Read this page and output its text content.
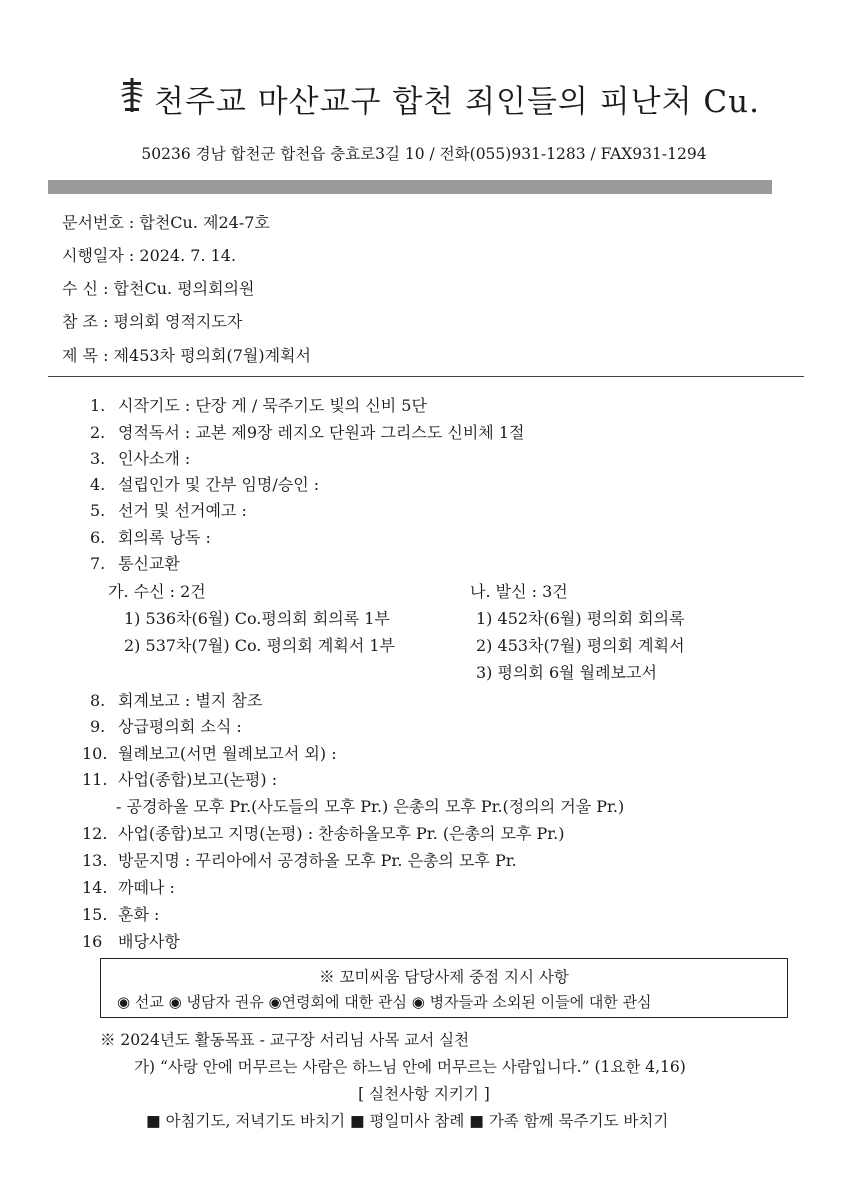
천주교 마산교구 합천 죄인들의 피난처 Cu.
50236 경남 합천군 합천읍 충효로3길 10 / 전화(055)931-1283 / FAX931-1294
문서번호 : 합천Cu. 제24-7호
시행일자 : 2024. 7. 14.
수 신 : 합천Cu. 평의회의원
참 조 : 평의회 영적지도자
제 목 : 제453차 평의회(7월)계획서
1. 시작기도 : 단장 게 / 묵주기도 빛의 신비 5단
2. 영적독서 : 교본 제9장 레지오 단원과 그리스도 신비체 1절
3. 인사소개 :
4. 설립인가 및 간부 임명/승인 :
5. 선거 및 선거예고 :
6. 회의록 낭독 :
7. 통신교환
가. 수신 : 2건
1) 536차(6월) Co.평의회 회의록 1부
2) 537차(7월) Co. 평의회 계획서 1부
나. 발신 : 3건
1) 452차(6월) 평의회 회의록
2) 453차(7월) 평의회 계획서
3) 평의회 6월 월례보고서
8. 회계보고 : 별지 참조
9. 상급평의회 소식 :
10. 월례보고(서면 월례보고서 외) :
11. 사업(종합)보고(논평) :
- 공경하올 모후 Pr.(사도들의 모후 Pr.) 은총의 모후 Pr.(정의의 거울 Pr.)
12. 사업(종합)보고 지명(논평) : 찬송하올모후 Pr. (은총의 모후 Pr.)
13. 방문지명 : 꾸리아에서 공경하올 모후 Pr. 은총의 모후 Pr.
14. 까떼나 :
15. 훈화 :
16 배당사항
※ 꼬미씨움 담당사제 중점 지시 사항
◉ 선교 ◉ 냉담자 권유 ◉연령회에 대한 관심 ◉ 병자들과 소외된 이들에 대한 관심
※ 2024년도 활동목표 - 교구장 서리님 사목 교서 실천
가) “사랑 안에 머무르는 사람은 하느님 안에 머무르는 사람입니다.” (1요한 4,16)
[ 실천사항 지키기 ]
■ 아침기도, 저녁기도 바치기 ■ 평일미사 참례 ■ 가족 함께 묵주기도 바치기
